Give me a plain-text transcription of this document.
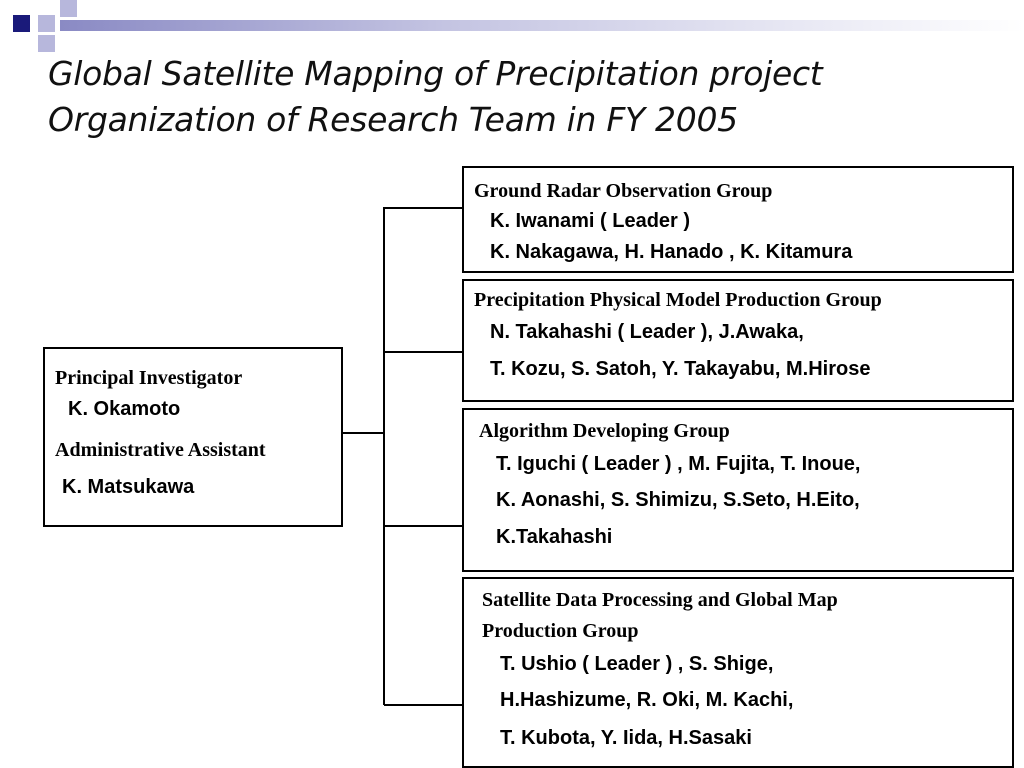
Global Satellite Mapping of Precipitation project
Organization of Research Team in FY 2005
Principal Investigator
K. Okamoto
Administrative Assistant
K. Matsukawa
Ground Radar Observation Group
K. Iwanami ( Leader )
K. Nakagawa, H. Hanado , K. Kitamura
Precipitation Physical Model Production Group
N. Takahashi ( Leader ), J.Awaka,
T. Kozu, S. Satoh, Y. Takayabu, M.Hirose
Algorithm Developing Group
T. Iguchi ( Leader ) , M. Fujita, T. Inoue,
K. Aonashi, S. Shimizu, S.Seto, H.Eito,
K.Takahashi
Satellite Data Processing and Global Map
Production Group
T. Ushio ( Leader ) , S. Shige,
H.Hashizume, R. Oki, M. Kachi,
T. Kubota, Y. Iida, H.Sasaki
